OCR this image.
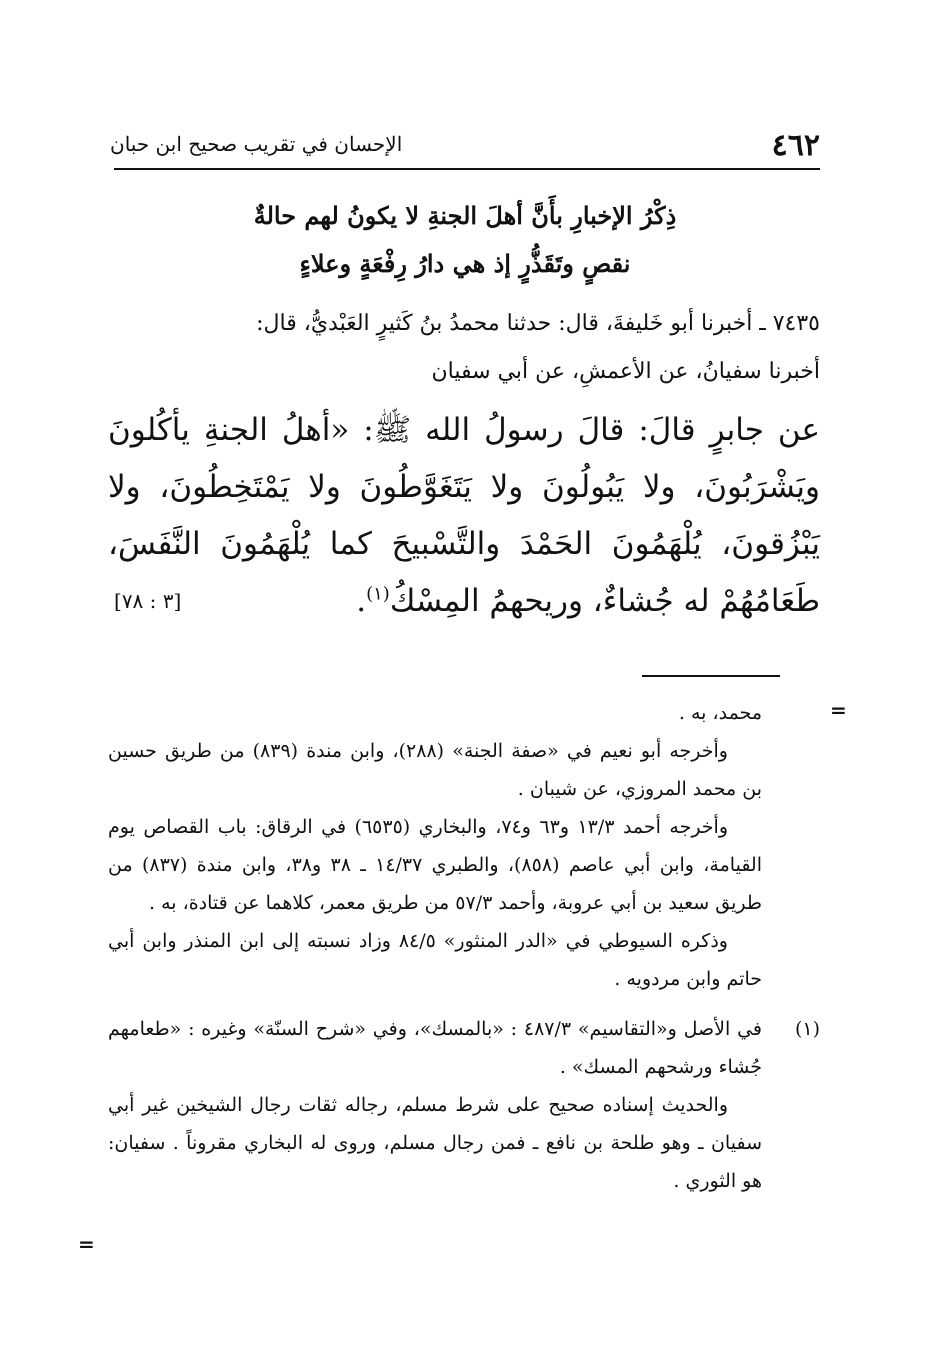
٤٦٢
الإحسان في تقريب صحيح ابن حبان
ذِكْرُ الإخبارِ بأَنَّ أهلَ الجنةِ لا يكونُ لهم حالةٌ
نقصٍ وتَقَذُّرٍ إذ هي دارُ رِفْعَةٍ وعلاءٍ

٧٤٣٥ ـ أخبرنا أبو خَليفةَ، قال: حدثنا محمدُ بنُ كَثيرٍ العَبْديُّ، قال:

أخبرنا سفيانُ، عن الأعمشِ، عن أبي سفيان

عن جابرٍ قالَ: قالَ رسولُ الله ﷺ: «أهلُ الجنةِ يأكُلونَ ويَشْرَبُونَ، ولا يَبُولُونَ ولا يَتَغَوَّطُونَ ولا يَمْتَخِطُونَ، ولا يَبْزُقونَ، يُلْهَمُونَ الحَمْدَ والتَّسْبيحَ كما يُلْهَمُونَ النَّفَسَ، طَعَامُهُمْ له جُشاءٌ، وريحهمُ المِسْكُ$^{(١)}$.

[٣ : ٧٨]
=

محمد، به .

وأخرجه أبو نعيم في «صفة الجنة» (٢٨٨)، وابن مندة (٨٣٩) من طريق حسين بن محمد المروزي، عن شيبان .

وأخرجه أحمد ١٣/٣ و٦٣ و٧٤، والبخاري (٦٥٣٥) في الرقاق: باب القصاص يوم القيامة، وابن أبي عاصم (٨٥٨)، والطبري ١٤/٣٧ ـ ٣٨ و٣٨، وابن مندة (٨٣٧) من طريق سعيد بن أبي عروبة، وأحمد ٥٧/٣ من طريق معمر، كلاهما عن قتادة، به .

وذكره السيوطي في «الدر المنثور» ٨٤/٥ وزاد نسبته إلى ابن المنذر وابن أبي حاتم وابن مردويه .

(١)
في الأصل و«التقاسيم» ٤٨٧/٣ : «بالمسك»، وفي «شرح السنّة» وغيره : «طعامهم جُشاء ورشحهم المسك» .

والحديث إسناده صحيح على شرط مسلم، رجاله ثقات رجال الشيخين غير أبي سفيان ـ وهو طلحة بن نافع ـ فمن رجال مسلم، وروى له البخاري مقروناً . سفيان: هو الثوري .

=
